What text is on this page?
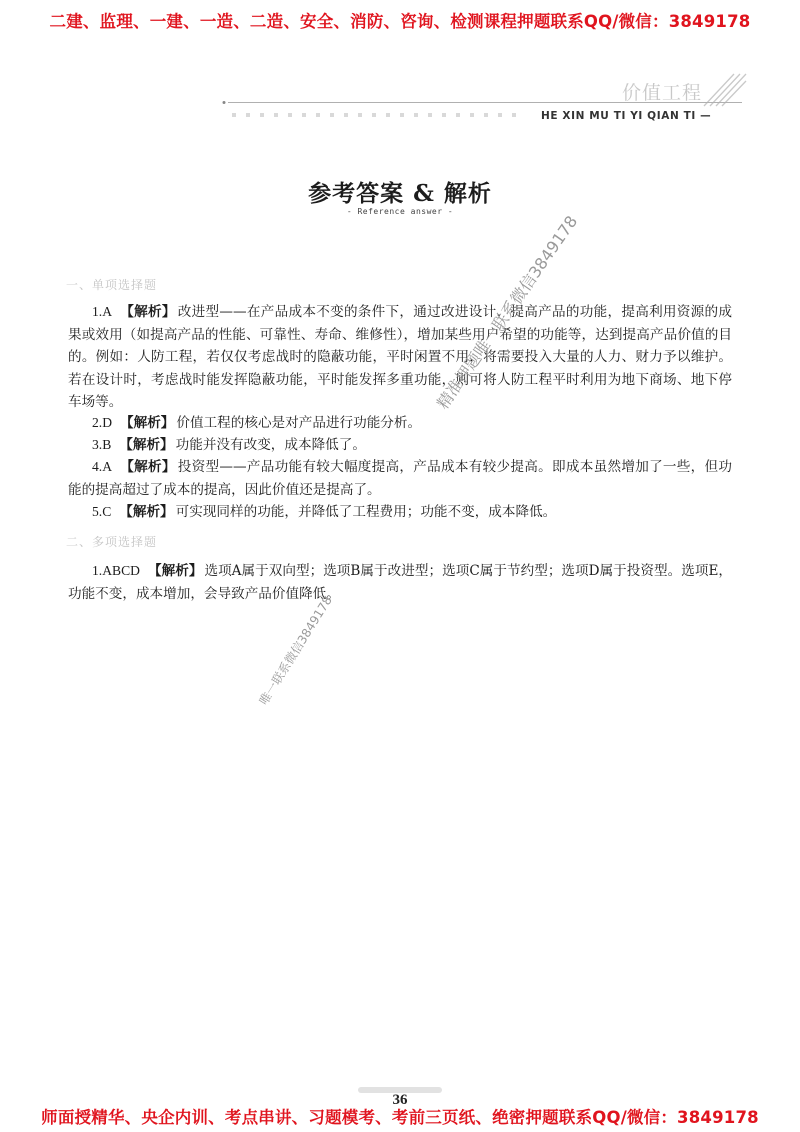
二建、监理、一建、一造、二造、安全、消防、咨询、检测课程押题联系QQ/微信：3849178
价值工程
HE XIN MU TI YI QIAN TI —
参考答案 & 解析
- Reference answer -
一、单项选择题
1.A 【解析】 改进型——在产品成本不变的条件下，通过改进设计，提高产品的功能，提高利用资源的成果或效用（如提高产品的性能、可靠性、寿命、维修性），增加某些用户希望的功能等，达到提高产品价值的目的。例如：人防工程，若仅仅考虑战时的隐蔽功能，平时闲置不用，将需要投入大量的人力、财力予以维护。若在设计时，考虑战时能发挥隐蔽功能，平时能发挥多重功能，则可将人防工程平时利用为地下商场、地下停车场等。
2.D 【解析】 价值工程的核心是对产品进行功能分析。
3.B 【解析】 功能并没有改变，成本降低了。
4.A 【解析】 投资型——产品功能有较大幅度提高，产品成本有较少提高。即成本虽然增加了一些，但功能的提高超过了成本的提高，因此价值还是提高了。
5.C 【解析】 可实现同样的功能，并降低了工程费用；功能不变，成本降低。
二、多项选择题
1.ABCD 【解析】 选项A属于双向型；选项B属于改进型；选项C属于节约型；选项D属于投资型。选项E，功能不变，成本增加，会导致产品价值降低。
精准押题唯一联系微信3849178
唯一联系微信3849178
36
师面授精华、央企内训、考点串讲、习题模考、考前三页纸、绝密押题联系QQ/微信：3849178
